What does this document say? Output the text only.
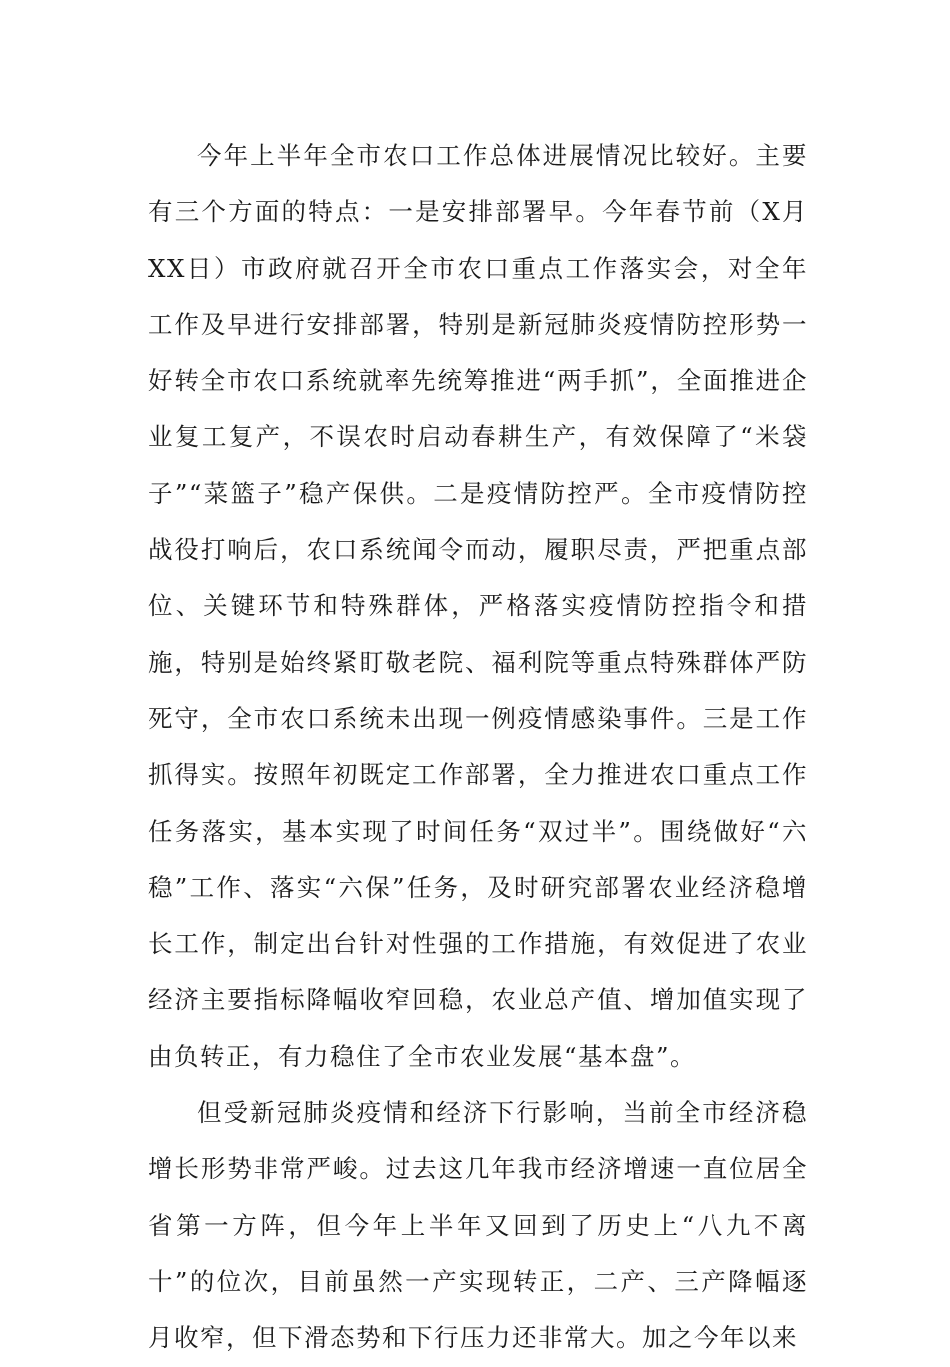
今年上半年全市农口工作总体进展情况比较好。主要有三个方面的特点：一是安排部署早。今年春节前（X月XX日）市政府就召开全市农口重点工作落实会，对全年工作及早进行安排部署，特别是新冠肺炎疫情防控形势一好转全市农口系统就率先统筹推进“两手抓”，全面推进企业复工复产，不误农时启动春耕生产，有效保障了“米袋子”“菜篮子”稳产保供。二是疫情防控严。全市疫情防控战役打响后，农口系统闻令而动，履职尽责，严把重点部位、关键环节和特殊群体，严格落实疫情防控指令和措施，特别是始终紧盯敬老院、福利院等重点特殊群体严防死守，全市农口系统未出现一例疫情感染事件。三是工作抓得实。按照年初既定工作部署，全力推进农口重点工作任务落实，基本实现了时间任务“双过半”。围绕做好“六稳”工作、落实“六保”任务，及时研究部署农业经济稳增长工作，制定出台针对性强的工作措施，有效促进了农业经济主要指标降幅收窄回稳，农业总产值、增加值实现了由负转正，有力稳住了全市农业发展“基本盘”。

但受新冠肺炎疫情和经济下行影响，当前全市经济稳增长形势非常严峻。过去这几年我市经济增速一直位居全省第一方阵，但今年上半年又回到了历史上“八九不离十”的位次，目前虽然一产实现转正，二产、三产降幅逐月收窄，但下滑态势和下行压力还非常大。加之今年以来
